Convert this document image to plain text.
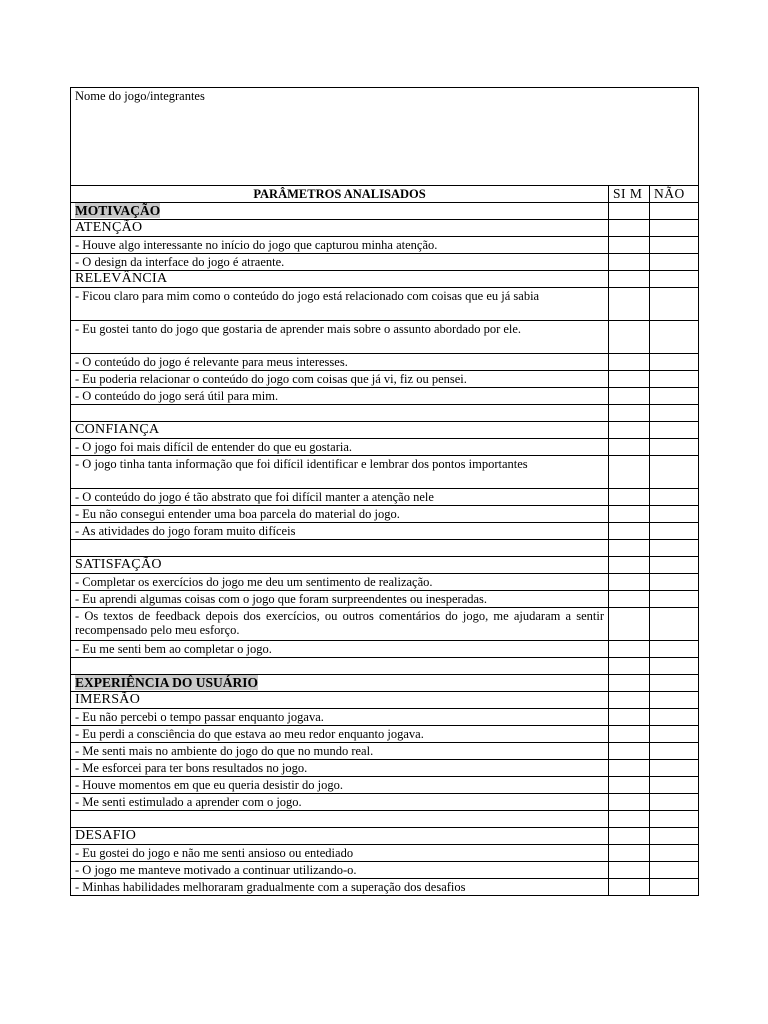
Nome do jogo/integrantes		
PARÂMETROS ANALISADOS	SI M	NÃO
MOTIVAÇÃO		
ATENÇÃO		
- Houve algo interessante no início do jogo que capturou minha atenção.		
- O design da interface do jogo é atraente.		
RELEVÂNCIA		
- Ficou claro para mim como o conteúdo do jogo está relacionado com coisas que eu já sabia		
- Eu gostei tanto do jogo que gostaria de aprender mais sobre o assunto abordado por ele.		
- O conteúdo do jogo é relevante para meus interesses.		
- Eu poderia relacionar o conteúdo do jogo com coisas que já vi, fiz ou pensei.		
- O conteúdo do jogo será útil para mim.		

CONFIANÇA		
- O jogo foi mais difícil de entender do que eu gostaria.		
- O jogo tinha tanta informação que foi difícil identificar e lembrar dos pontos importantes		
- O conteúdo do jogo é tão abstrato que foi difícil manter a atenção nele		
- Eu não consegui entender uma boa parcela do material do jogo.		
- As atividades do jogo foram muito difíceis		

SATISFAÇÃO		
- Completar os exercícios do jogo me deu um sentimento de realização.		
- Eu aprendi algumas coisas com o jogo que foram surpreendentes ou inesperadas.		
- Os textos de feedback depois dos exercícios, ou outros comentários do jogo, me ajudaram a sentir recompensado pelo meu esforço.		
- Eu me senti bem ao completar o jogo.		

EXPERIÊNCIA DO USUÁRIO		
IMERSÃO		
- Eu não percebi o tempo passar enquanto jogava.		
- Eu perdi a consciência do que estava ao meu redor enquanto jogava.		
- Me senti mais no ambiente do jogo do que no mundo real.		
- Me esforcei para ter bons resultados no jogo.		
- Houve momentos em que eu queria desistir do jogo.		
- Me senti estimulado a aprender com o jogo.		

DESAFIO		
- Eu gostei do jogo e não me senti ansioso ou entediado		
- O jogo me manteve motivado a continuar utilizando-o.		
- Minhas habilidades melhoraram gradualmente com a superação dos desafios		
